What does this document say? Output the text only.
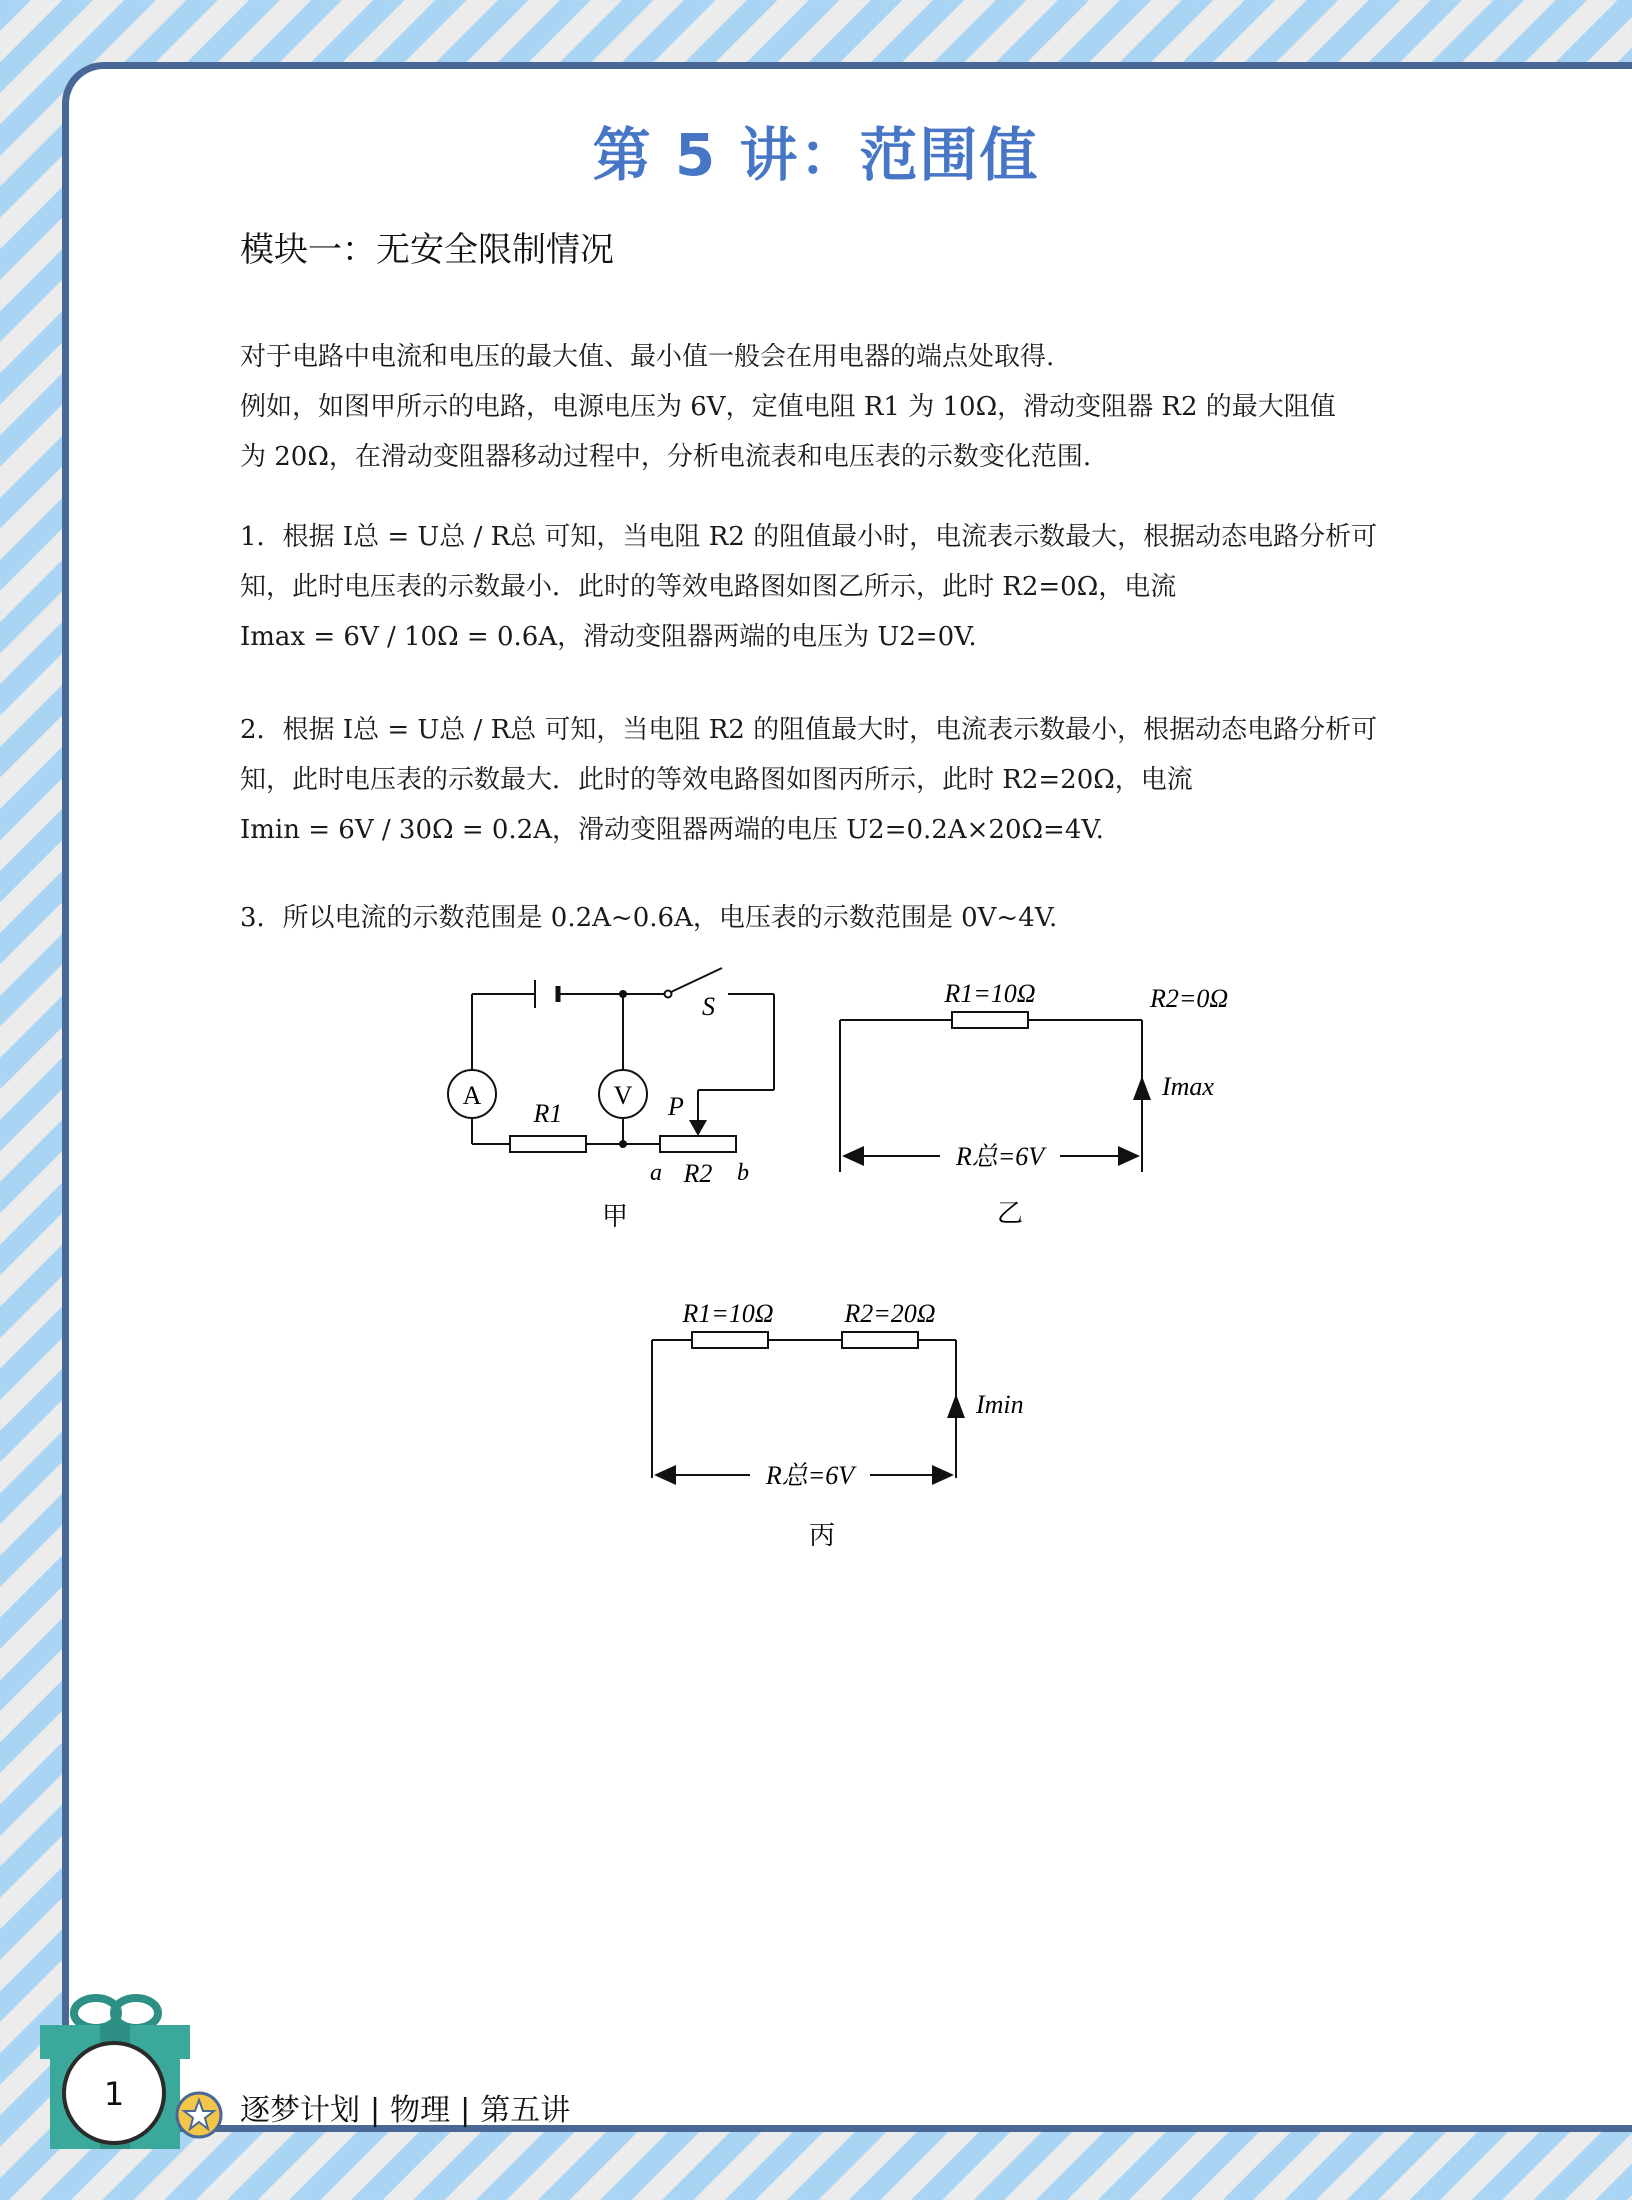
第 5 讲：范围值
模块一：无安全限制情况

对于电路中电流和电压的最大值、最小值一般会在用电器的端点处取得.

例如，如图甲所示的电路，电源电压为 6V，定值电阻 R1 为 10Ω，滑动变阻器 R2 的最大阻值

为 20Ω，在滑动变阻器移动过程中，分析电流表和电压表的示数变化范围.

1．根据 I总 = U总 / R总 可知，当电阻 R2 的阻值最小时，电流表示数最大，根据动态电路分析可

知，此时电压表的示数最小．此时的等效电路图如图乙所示，此时 R2=0Ω，电流

Imax = 6V / 10Ω = 0.6A，滑动变阻器两端的电压为 U2=0V.

2．根据 I总 = U总 / R总 可知，当电阻 R2 的阻值最大时，电流表示数最小，根据动态电路分析可

知，此时电压表的示数最大．此时的等效电路图如图丙所示，此时 R2=20Ω，电流

Imin = 6V / 30Ω = 0.2A，滑动变阻器两端的电压 U2=0.2A×20Ω=4V.

3．所以电流的示数范围是 0.2A~0.6A，电压表的示数范围是 0V~4V.

A	V
S
P
R1
R2
a	b
甲
R1=10Ω	R2=0Ω
Imax
R总=6V
乙
R1=10Ω	R2=20Ω
Imin
R总=6V
丙
1	逐梦计划 | 物理 | 第五讲
